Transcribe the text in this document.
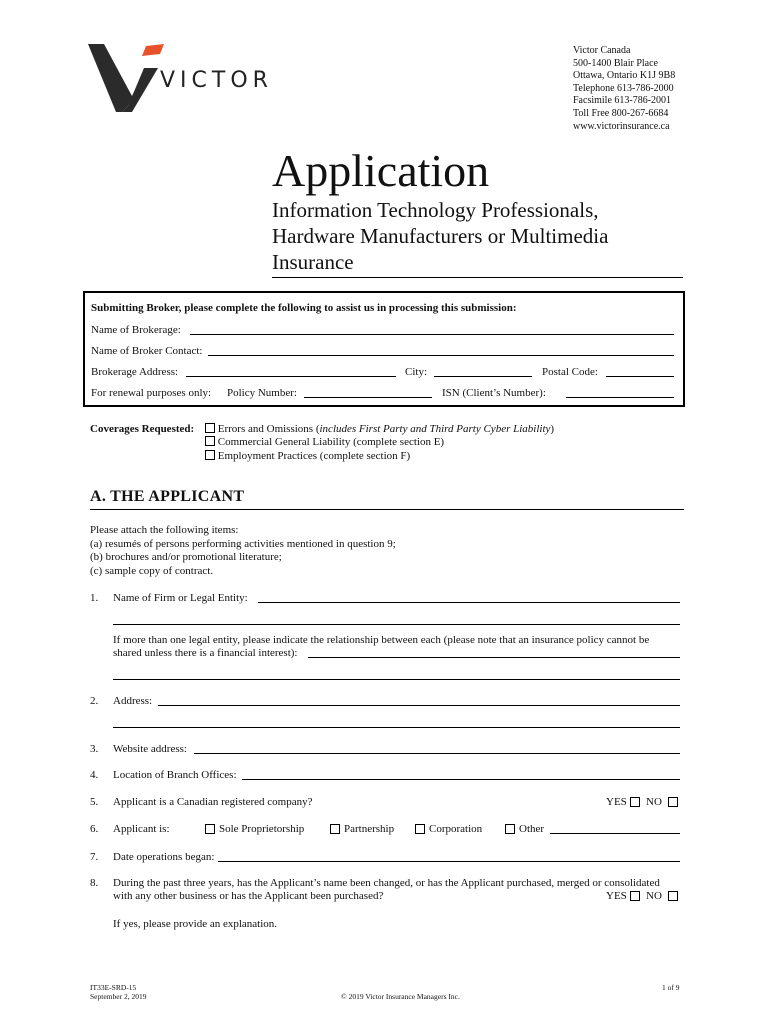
VICTOR
Victor Canada
500-1400 Blair Place
Ottawa, Ontario K1J 9B8
Telephone 613-786-2000
Facsimile 613-786-2001
Toll Free 800-267-6684
www.victorinsurance.ca
Application
Information Technology Professionals,
Hardware Manufacturers or Multimedia
Insurance
Submitting Broker, please complete the following to assist us in processing this submission:
Name of Brokerage:
Name of Broker Contact:
Brokerage Address:	City:	Postal Code:
For renewal purposes only: Policy Number:	ISN (Client’s Number):
Coverages Requested:	Errors and Omissions (includes First Party and Third Party Cyber Liability)
Commercial General Liability (complete section E)
Employment Practices (complete section F)
A. THE APPLICANT
Please attach the following items:
(a) resumés of persons performing activities mentioned in question 9;
(b) brochures and/or promotional literature;
(c) sample copy of contract.
1. Name of Firm or Legal Entity:
If more than one legal entity, please indicate the relationship between each (please note that an insurance policy cannot be
shared unless there is a financial interest):
2. Address:
3. Website address:
4. Location of Branch Offices:
5. Applicant is a Canadian registered company?	YES NO
6. Applicant is:	Sole Proprietorship	Partnership	Corporation	Other
7. Date operations began:
8. During the past three years, has the Applicant’s name been changed, or has the Applicant purchased, merged or consolidated
with any other business or has the Applicant been purchased?	YES NO
If yes, please provide an explanation.
IT33E-SRD-15
September 2, 2019	© 2019 Victor Insurance Managers Inc.
1 of 9
